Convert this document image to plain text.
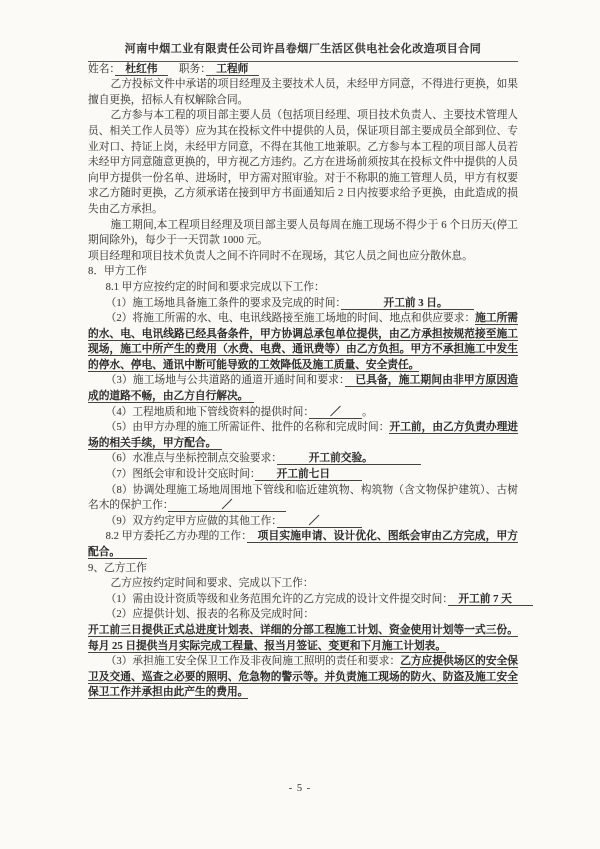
河南中烟工业有限责任公司许昌卷烟厂生活区供电社会化改造项目合同

姓名：　杜红伟　　职务：　工程师　

乙方投标文件中承诺的项目经理及主要技术人员，未经甲方同意，不得进行更换，如果擅自更换，招标人有权解除合同。

乙方参与本工程的项目部主要人员（包括项目经理、项目技术负责人、主要技术管理人员、相关工作人员等）应为其在投标文件中提供的人员，保证项目部主要成员全部到位、专业对口、持证上岗，未经甲方同意，不得在其他工地兼职。乙方参与本工程的项目部人员若未经甲方同意随意更换的，甲方视乙方违约。乙方在进场前须按其在投标文件中提供的人员向甲方提供一份名单、进场时，甲方需对照审验。对于不称职的施工管理人员，甲方有权要求乙方随时更换，乙方须承诺在接到甲方书面通知后 2 日内按要求给予更换，由此造成的损失由乙方承担。

施工期间,本工程项目经理及项目部主要人员每周在施工现场不得少于 6 个日历天(停工期间除外)，每少于一天罚款 1000 元。

项目经理和项目技术负责人之间不许同时不在现场，其它人员之间也应分散休息。

8．甲方工作

8.1 甲方应按约定的时间和要求完成以下工作：

（1）施工场地具备施工条件的要求及完成的时间：　　　　开工前 3 日。　　　

（2）将施工所需的水、电、电讯线路接至施工场地的时间、地点和供应要求：施工所需的水、电、电讯线路已经具备条件，甲方协调总承包单位提供，由乙方承担按规范接至施工现场，施工中所产生的费用（水费、电费、通讯费等）由乙方负担。甲方不承担施工中发生的停水、停电、通讯中断可能导致的工效降低及施工质量、安全责任。

（3）施工场地与公共道路的通道开通时间和要求：　已具备，施工期间由非甲方原因造成的道路不畅，由乙方自行解决。　

（4）工程地质和地下管线资料的提供时间：　　／　　。

（5）由甲方办理的施工所需证件、批件的名称和完成时间：开工前，由乙方负责办理进场的相关手续，甲方配合。　

（6）水准点与坐标控制点交验要求：　　　开工前交验。　　　　　

（7）图纸会审和设计交底时间：　　开工前七日　　　

（8）协调处理施工场地周围地下管线和临近建筑物、构筑物（含文物保护建筑）、古树名木的保护工作：　　　　　／　　　　　

（9）双方约定甲方应做的其他工作：　　　／　　　　

8.2 甲方委托乙方办理的工作：　项目实施申请、设计优化、图纸会审由乙方完成，甲方配合。　　　

9、乙方工作

乙方应按约定时间和要求、完成以下工作：

（1）需由设计资质等级和业务范围允许的乙方完成的设计文件提交时间：　开工前 7 天　　

（2）应提供计划、报表的名称及完成时间：

开工前三日提供正式总进度计划表、详细的分部工程施工计划、资金使用计划等一式三份。每月 25 日提供当月实际完成工程量、报当月签证、变更和下月施工计划表。

（3）承担施工安全保卫工作及非夜间施工照明的责任和要求：乙方应提供场区的安全保卫及交通、巡查之必要的照明、危急物的警示等。并负责施工现场的防火、防盗及施工安全保卫工作并承担由此产生的费用。

- 5 -
